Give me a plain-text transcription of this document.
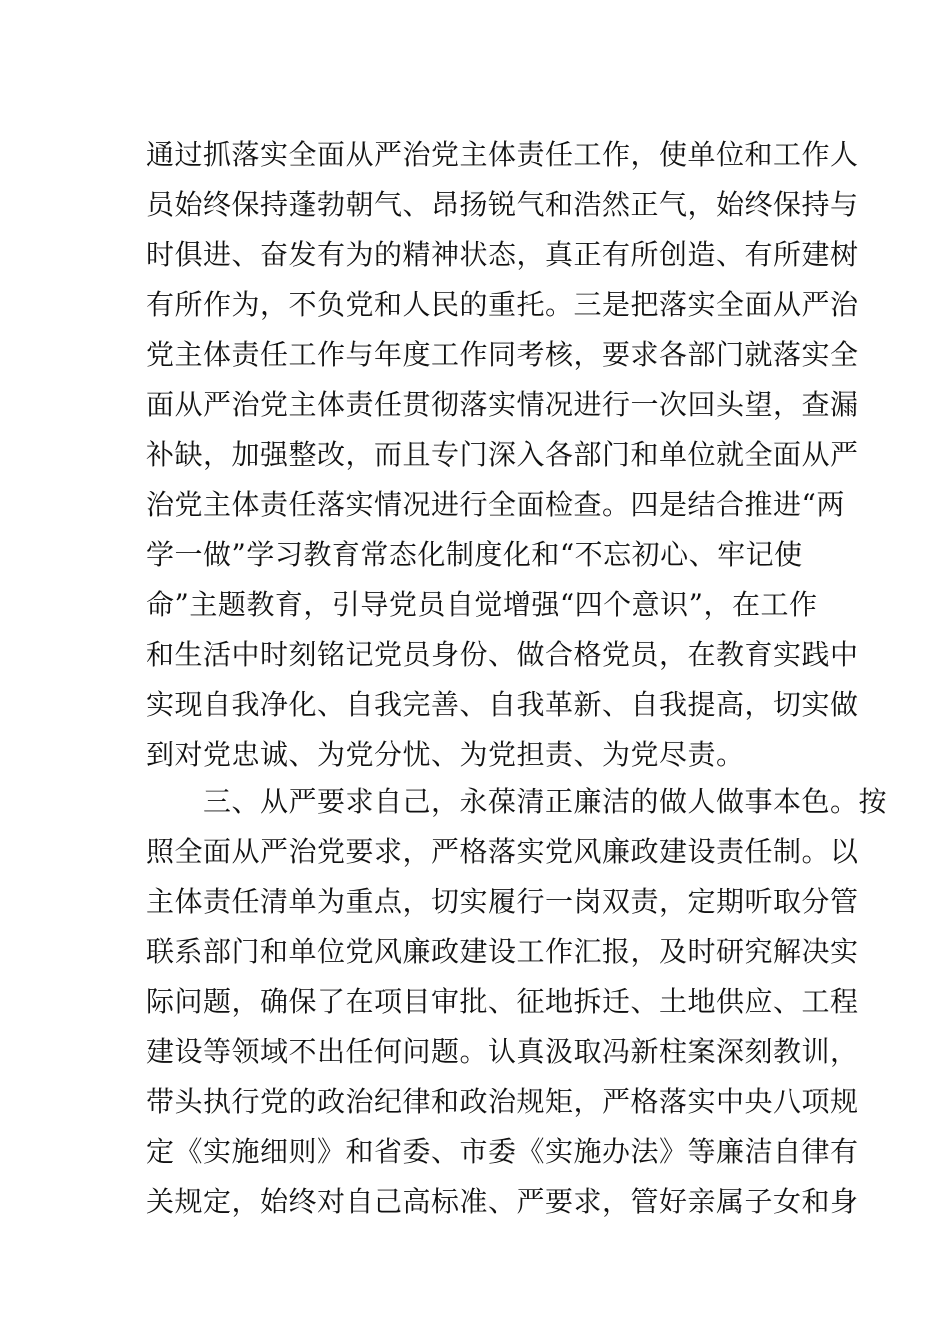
通过抓落实全面从严治党主体责任工作，使单位和工作人
员始终保持蓬勃朝气、昂扬锐气和浩然正气，始终保持与
时俱进、奋发有为的精神状态，真正有所创造、有所建树
有所作为，不负党和人民的重托。三是把落实全面从严治
党主体责任工作与年度工作同考核，要求各部门就落实全
面从严治党主体责任贯彻落实情况进行一次回头望，查漏
补缺，加强整改，而且专门深入各部门和单位就全面从严
治党主体责任落实情况进行全面检查。四是结合推进“两
学一做”学习教育常态化制度化和“不忘初心、牢记使
命”主题教育，引导党员自觉增强“四个意识”，在工作
和生活中时刻铭记党员身份、做合格党员，在教育实践中
实现自我净化、自我完善、自我革新、自我提高，切实做
到对党忠诚、为党分忧、为党担责、为党尽责。
　　三、从严要求自己，永葆清正廉洁的做人做事本色。按
照全面从严治党要求，严格落实党风廉政建设责任制。以
主体责任清单为重点，切实履行一岗双责，定期听取分管
联系部门和单位党风廉政建设工作汇报，及时研究解决实
际问题，确保了在项目审批、征地拆迁、土地供应、工程
建设等领域不出任何问题。认真汲取冯新柱案深刻教训，
带头执行党的政治纪律和政治规矩，严格落实中央八项规
定《实施细则》和省委、市委《实施办法》等廉洁自律有
关规定，始终对自己高标准、严要求，管好亲属子女和身
